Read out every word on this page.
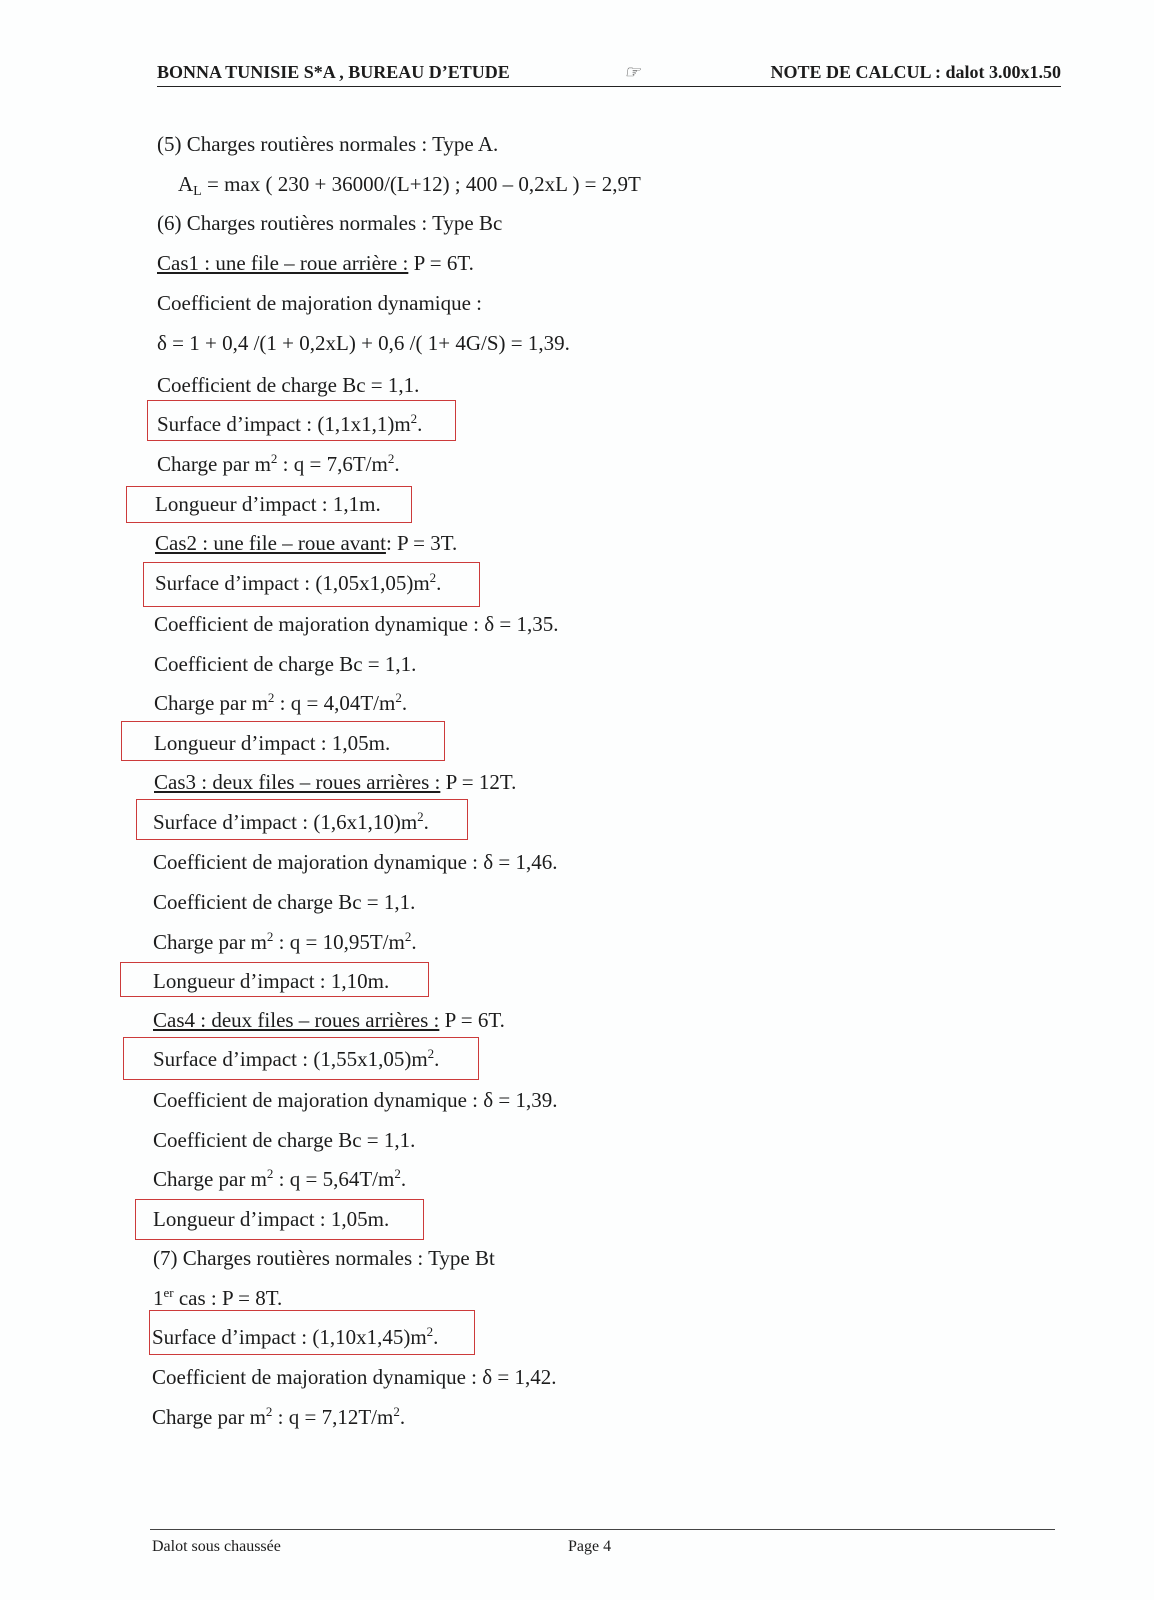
BONNA TUNISIE S*A , BUREAU D’ETUDE	☞	NOTE DE CALCUL : dalot 3.00x1.50
(5) Charges routières normales : Type A.
$A_L = \max$ ( 230 + 36000/(L+12) ; 400 – 0,2xL ) = 2,9T
(6) Charges routières normales : Type Bc
Cas1 : une file – roue arrière : P = 6T.
Coefficient de majoration dynamique :
δ = 1 + 0,4 /(1 + 0,2xL) + 0,6 /( 1+ 4G/S) = 1,39.
Coefficient de charge Bc = 1,1.
Surface d’impact : $(1,1x1,1)m^2$.
Charge par $m^2$ : $q = 7,6T/m^2$.
Longueur d’impact : 1,1m.
Cas2 : une file – roue avant: P = 3T.
Surface d’impact : $(1,05x1,05)m^2$.
Coefficient de majoration dynamique : δ = 1,35.
Coefficient de charge Bc = 1,1.
Charge par $m^2$ : $q = 4,04T/m^2$.
Longueur d’impact : 1,05m.
Cas3 : deux files – roues arrières : P = 12T.
Surface d’impact : $(1,6x1,10)m^2$.
Coefficient de majoration dynamique : δ = 1,46.
Coefficient de charge Bc = 1,1.
Charge par $m^2$ : $q = 10,95T/m^2$.
Longueur d’impact : 1,10m.
Cas4 : deux files – roues arrières : P = 6T.
Surface d’impact : $(1,55x1,05)m^2$.
Coefficient de majoration dynamique : δ = 1,39.
Coefficient de charge Bc = 1,1.
Charge par $m^2$ : $q = 5,64T/m^2$.
Longueur d’impact : 1,05m.
(7) Charges routières normales : Type Bt
1er cas : P = 8T.
Surface d’impact : $(1,10x1,45)m^2$.
Coefficient de majoration dynamique : δ = 1,42.
Charge par $m^2$ : $q = 7,12T/m^2$.
Dalot sous chaussée	Page 4
